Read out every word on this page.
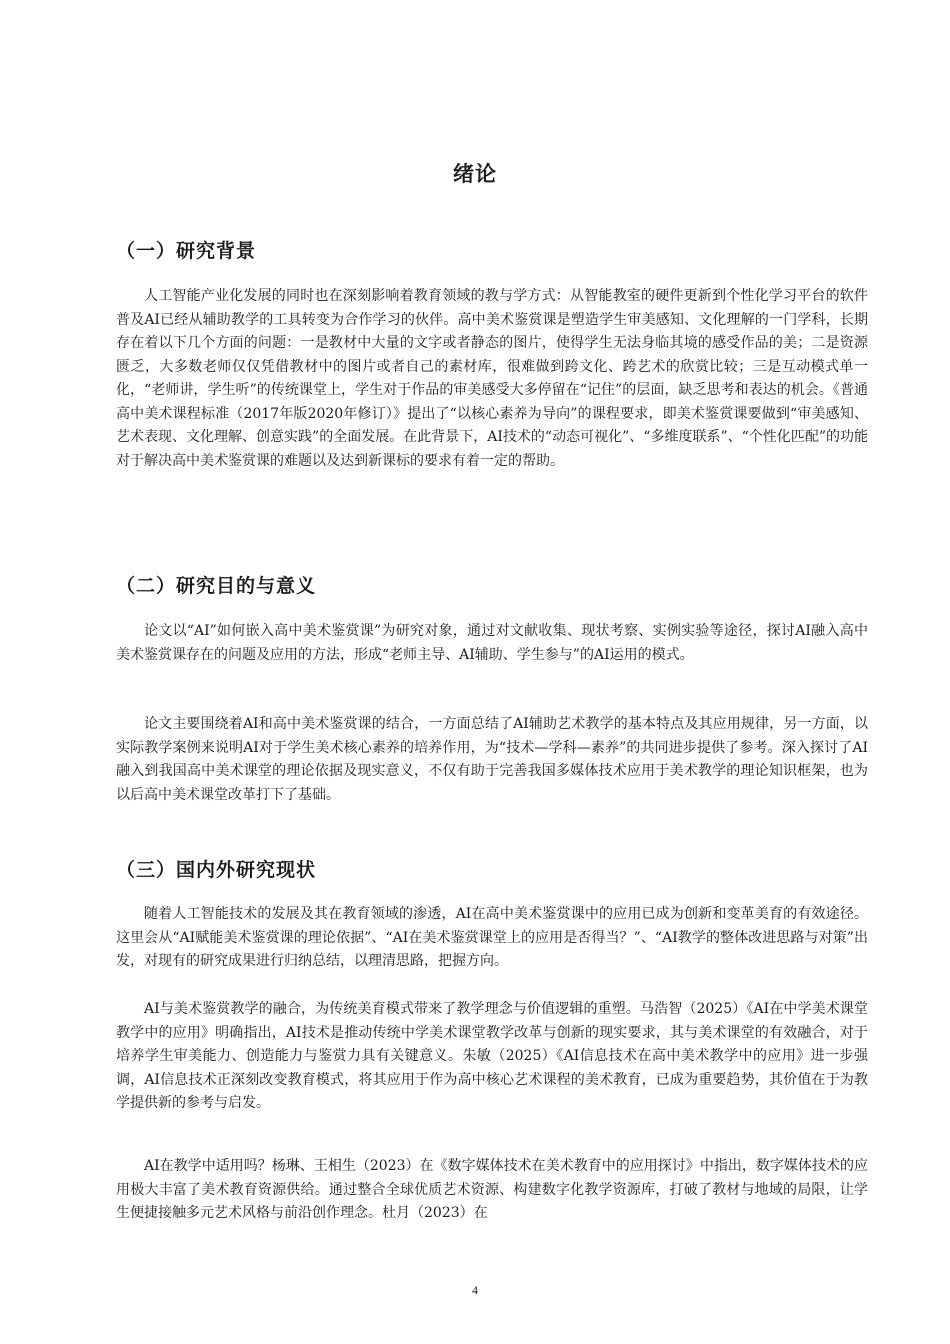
绪论
（一）研究背景

人工智能产业化发展的同时也在深刻影响着教育领域的教与学方式：从智能教室的硬件更新到个性化学习平台的软件普及AI已经从辅助教学的工具转变为合作学习的伙伴。高中美术鉴赏课是塑造学生审美感知、文化理解的一门学科，长期存在着以下几个方面的问题：一是教材中大量的文字或者静态的图片，使得学生无法身临其境的感受作品的美；二是资源匮乏，大多数老师仅仅凭借教材中的图片或者自己的素材库，很难做到跨文化、跨艺术的欣赏比较；三是互动模式单一化，“老师讲，学生听”的传统课堂上，学生对于作品的审美感受大多停留在“记住”的层面，缺乏思考和表达的机会。《普通高中美术课程标准（2017年版2020年修订）》提出了“以核心素养为导向”的课程要求，即美术鉴赏课要做到“审美感知、艺术表现、文化理解、创意实践”的全面发展。在此背景下，AI技术的“动态可视化”、“多维度联系”、“个性化匹配”的功能对于解决高中美术鉴赏课的难题以及达到新课标的要求有着一定的帮助。

（二）研究目的与意义

论文以“AI”如何嵌入高中美术鉴赏课”为研究对象，通过对文献收集、现状考察、实例实验等途径，探讨AI融入高中美术鉴赏课存在的问题及应用的方法，形成“老师主导、AI辅助、学生参与”的AI运用的模式。

论文主要围绕着AI和高中美术鉴赏课的结合，一方面总结了AI辅助艺术教学的基本特点及其应用规律，另一方面，以实际教学案例来说明AI对于学生美术核心素养的培养作用，为“技术—学科—素养”的共同进步提供了参考。深入探讨了AI融入到我国高中美术课堂的理论依据及现实意义，不仅有助于完善我国多媒体技术应用于美术教学的理论知识框架，也为以后高中美术课堂改革打下了基础。

（三）国内外研究现状

随着人工智能技术的发展及其在教育领域的渗透，AI在高中美术鉴赏课中的应用已成为创新和变革美育的有效途径。这里会从“AI赋能美术鉴赏课的理论依据”、“AI在美术鉴赏课堂上的应用是否得当？”、“AI教学的整体改进思路与对策”出发，对现有的研究成果进行归纳总结，以理清思路，把握方向。

AI与美术鉴赏教学的融合，为传统美育模式带来了教学理念与价值逻辑的重塑。马浩智（2025）《AI在中学美术课堂教学中的应用》明确指出，AI技术是推动传统中学美术课堂教学改革与创新的现实要求，其与美术课堂的有效融合，对于培养学生审美能力、创造能力与鉴赏力具有关键意义。朱敏（2025）《AI信息技术在高中美术教学中的应用》进一步强调，AI信息技术正深刻改变教育模式，将其应用于作为高中核心艺术课程的美术教育，已成为重要趋势，其价值在于为教学提供新的参考与启发。

AI在教学中适用吗？杨琳、王相生（2023）在《数字媒体技术在美术教育中的应用探讨》中指出，数字媒体技术的应用极大丰富了美术教育资源供给。通过整合全球优质艺术资源、构建数字化教学资源库，打破了教材与地域的局限，让学生便捷接触多元艺术风格与前沿创作理念。杜月（2023）在

4
